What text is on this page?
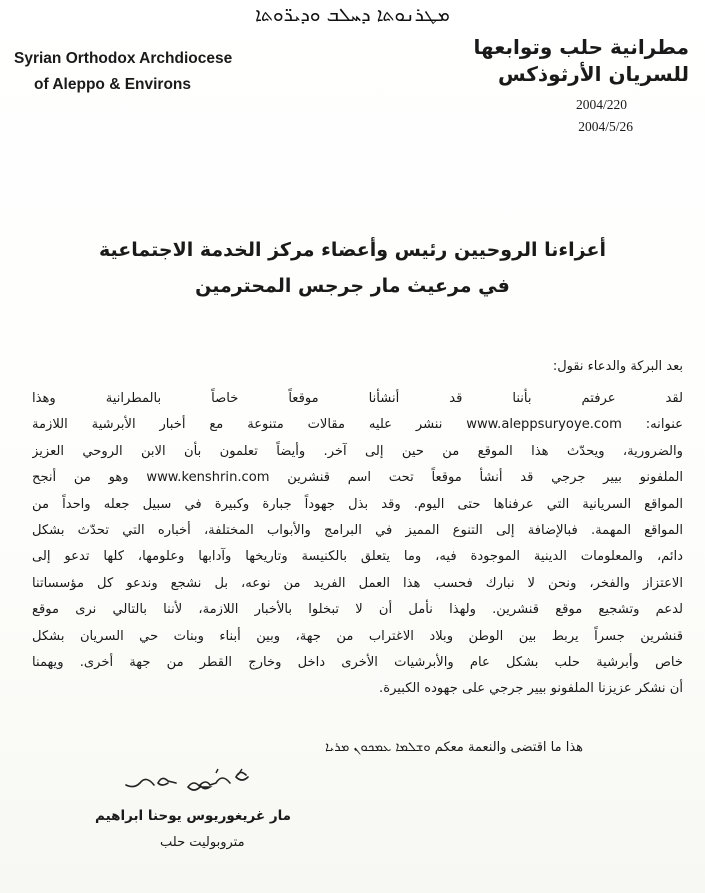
ܡܛܪܢܘܬܐ ܕܚܠܒ ܘܕܝܪ̈ܘܬܐ
Syrian Orthodox Archdiocese
of Aleppo & Environs
مطرانية حلب وتوابعها
للسريان الأرثوذكس
2004/220
2004/5/26
أعزاءنا الروحيين رئيس وأعضاء مركز الخدمة الاجتماعية
في مرعيث مار جرجس المحترمين
بعد البركة والدعاء نقول:
لقد عرفتم بأننا قد أنشأنا موقعاً خاصاً بالمطرانية وهذا
عنوانه: www.aleppsuryoye.com ننشر عليه مقالات متنوعة مع أخبار الأبرشية اللازمة
والضرورية، ويحدّث هذا الموقع من حين إلى آخر. وأيضاً تعلمون بأن الابن الروحي العزيز
الملفونو بيير جرجي قد أنشأ موقعاً تحت اسم قنشرين www.kenshrin.com وهو من أنجح
المواقع السريانية التي عرفناها حتى اليوم. وقد بذل جهوداً جبارة وكبيرة في سبيل جعله واحداً من
المواقع المهمة. فبالإضافة إلى التنوع المميز في البرامج والأبواب المختلفة، أخباره التي تحدّث بشكل
دائم، والمعلومات الدينية الموجودة فيه، وما يتعلق بالكنيسة وتاريخها وآدابها وعلومها، كلها تدعو إلى
الاعتزاز والفخر، ونحن لا نبارك فحسب هذا العمل الفريد من نوعه، بل نشجع وندعو كل مؤسساتنا
لدعم وتشجيع موقع قنشرين. ولهذا نأمل أن لا تبخلوا بالأخبار اللازمة، لأننا بالتالي نرى موقع
قنشرين جسراً يربط بين الوطن وبلاد الاغتراب من جهة، وبين أبناء وبنات حي السريان بشكل
خاص وأبرشية حلب بشكل عام والأبرشيات الأخرى داخل وخارج القطر من جهة أخرى. ويهمنا
أن نشكر عزيزنا الملفونو بيير جرجي على جهوده الكبيرة.
هذا ما اقتضى والنعمة معكم ܘܫܠܡܐ ܥܡܟܘܢ ܡܪܝܐ
مار غريغوريوس يوحنا ابراهيم
متروبوليت حلب
